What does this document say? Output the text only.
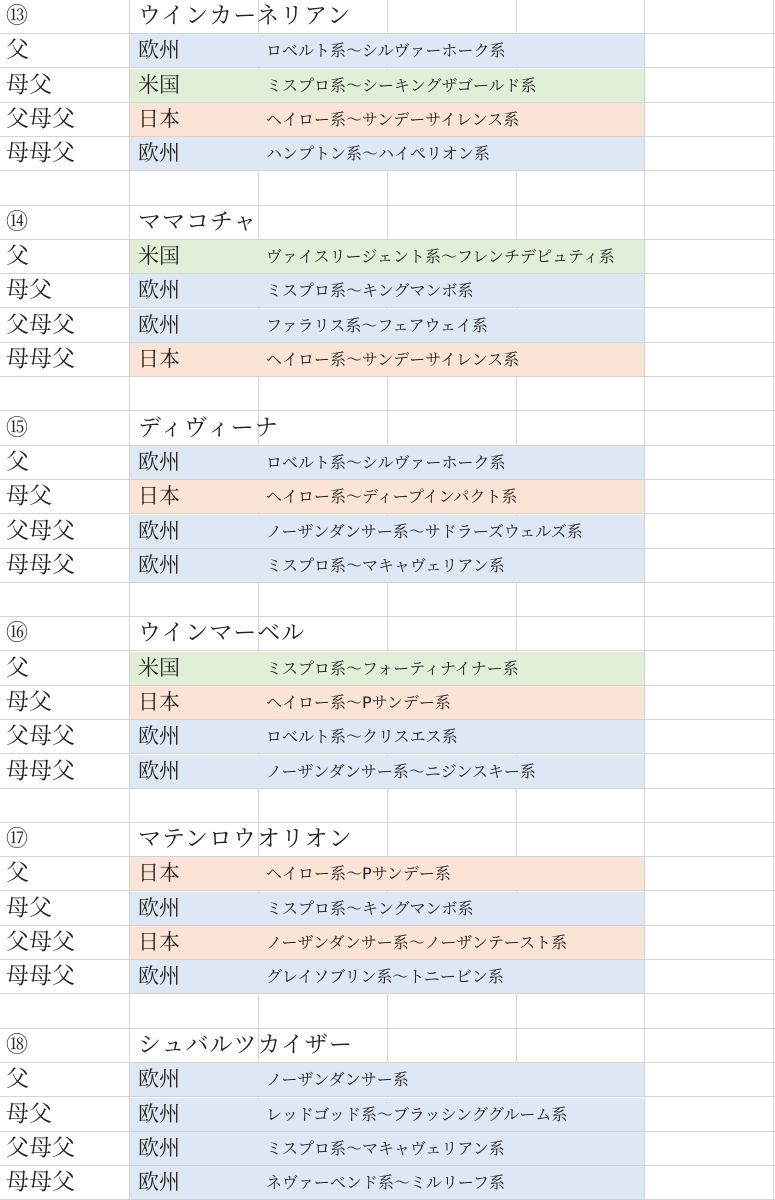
⑬	ウインカーネリアン
父	欧州	ロベルト系〜シルヴァーホーク系
母父	米国	ミスプロ系〜シーキングザゴールド系
父母父	日本	ヘイロー系〜サンデーサイレンス系
母母父	欧州	ハンプトン系〜ハイペリオン系
⑭	ママコチャ
父	米国	ヴァイスリージェント系〜フレンチデピュティ系
母父	欧州	ミスプロ系〜キングマンボ系
父母父	欧州	ファラリス系〜フェアウェイ系
母母父	日本	ヘイロー系〜サンデーサイレンス系
⑮	ディヴィーナ
父	欧州	ロベルト系〜シルヴァーホーク系
母父	日本	ヘイロー系〜ディープインパクト系
父母父	欧州	ノーザンダンサー系〜サドラーズウェルズ系
母母父	欧州	ミスプロ系〜マキャヴェリアン系
⑯	ウインマーベル
父	米国	ミスプロ系〜フォーティナイナー系
母父	日本	ヘイロー系〜Pサンデー系
父母父	欧州	ロベルト系〜クリスエス系
母母父	欧州	ノーザンダンサー系〜ニジンスキー系
⑰	マテンロウオリオン
父	日本	ヘイロー系〜Pサンデー系
母父	欧州	ミスプロ系〜キングマンボ系
父母父	日本	ノーザンダンサー系〜ノーザンテースト系
母母父	欧州	グレイソブリン系〜トニービン系
⑱	シュバルツカイザー
父	欧州	ノーザンダンサー系
母父	欧州	レッドゴッド系〜ブラッシンググルーム系
父母父	欧州	ミスプロ系〜マキャヴェリアン系
母母父	欧州	ネヴァーベンド系〜ミルリーフ系
